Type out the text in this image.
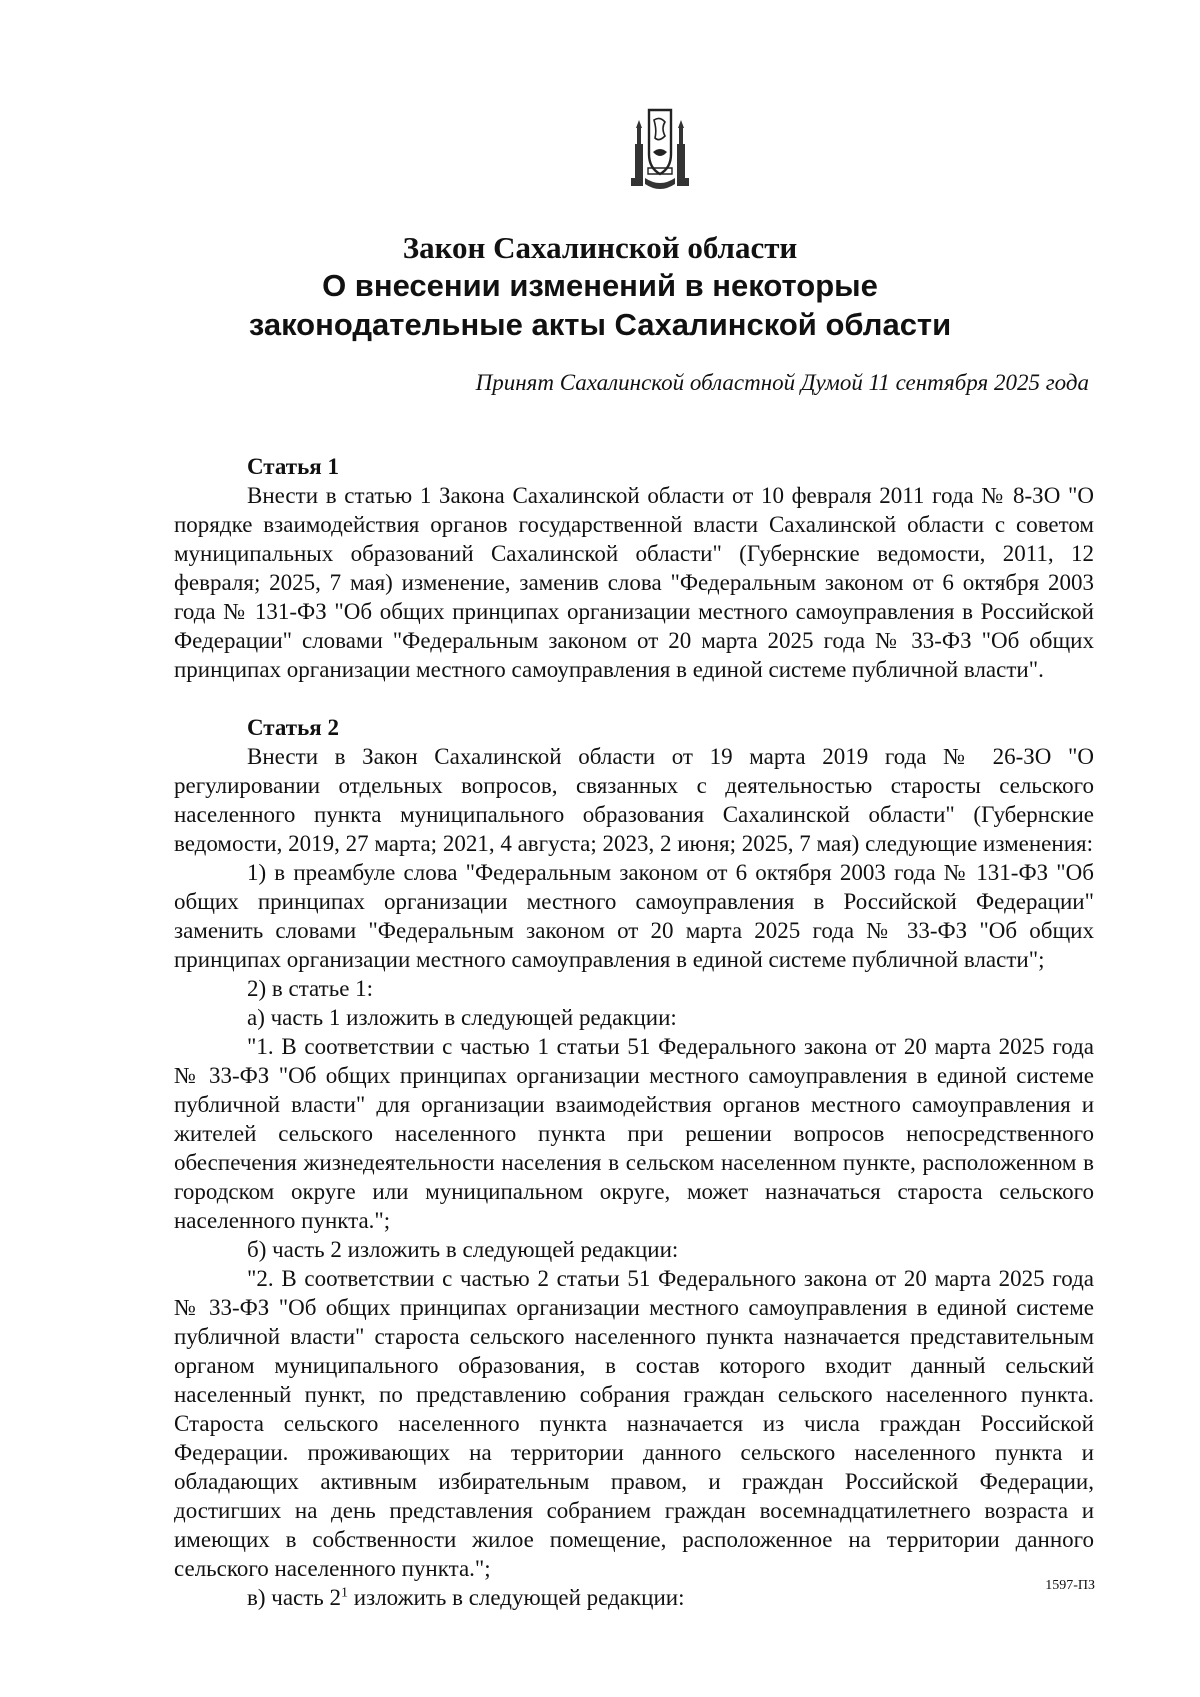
Закон Сахалинской области
О внесении изменений в некоторые
законодательные акты Сахалинской области

Принят Сахалинской областной Думой 11 сентября 2025 года

Статья 1

Внести в статью 1 Закона Сахалинской области от 10 февраля 2011 года № 8-ЗО "О порядке взаимодействия органов государственной власти Сахалинской области с советом муниципальных образований Сахалинской области" (Губернские ведомости, 2011, 12 февраля; 2025, 7 мая) изменение, заменив слова "Федеральным законом от 6 октября 2003 года № 131-ФЗ "Об общих принципах организации местного самоуправления в Российской Федерации" словами "Федеральным законом от 20 марта 2025 года № 33-ФЗ "Об общих принципах организации местного самоуправления в единой системе публичной власти".

Статья 2

Внести в Закон Сахалинской области от 19 марта 2019 года № 26-ЗО "О регулировании отдельных вопросов, связанных с деятельностью старосты сельского населенного пункта муниципального образования Сахалинской области" (Губернские ведомости, 2019, 27 марта; 2021, 4 августа; 2023, 2 июня; 2025, 7 мая) следующие изменения:

1) в преамбуле слова "Федеральным законом от 6 октября 2003 года № 131-ФЗ "Об общих принципах организации местного самоуправления в Российской Федерации" заменить словами "Федеральным законом от 20 марта 2025 года № 33-ФЗ "Об общих принципах организации местного самоуправления в единой системе публичной власти";

2) в статье 1:

а) часть 1 изложить в следующей редакции:

"1. В соответствии с частью 1 статьи 51 Федерального закона от 20 марта 2025 года № 33-ФЗ "Об общих принципах организации местного самоуправления в единой системе публичной власти" для организации взаимодействия органов местного самоуправления и жителей сельского населенного пункта при решении вопросов непосредственного обеспечения жизнедеятельности населения в сельском населенном пункте, расположенном в городском округе или муниципальном округе, может назначаться староста сельского населенного пункта.";

б) часть 2 изложить в следующей редакции:

"2. В соответствии с частью 2 статьи 51 Федерального закона от 20 марта 2025 года № 33-ФЗ "Об общих принципах организации местного самоуправления в единой системе публичной власти" староста сельского населенного пункта назначается представительным органом муниципального образования, в состав которого входит данный сельский населенный пункт, по представлению собрания граждан сельского населенного пункта. Староста сельского населенного пункта назначается из числа граждан Российской Федерации. проживающих на территории данного сельского населенного пункта и обладающих активным избирательным правом, и граждан Российской Федерации, достигших на день представления собранием граждан восемнадцатилетнего возраста и имеющих в собственности жилое помещение, расположенное на территории данного сельского населенного пункта.";

в) часть $2^1$ изложить в следующей редакции:	1597-ПЗ
